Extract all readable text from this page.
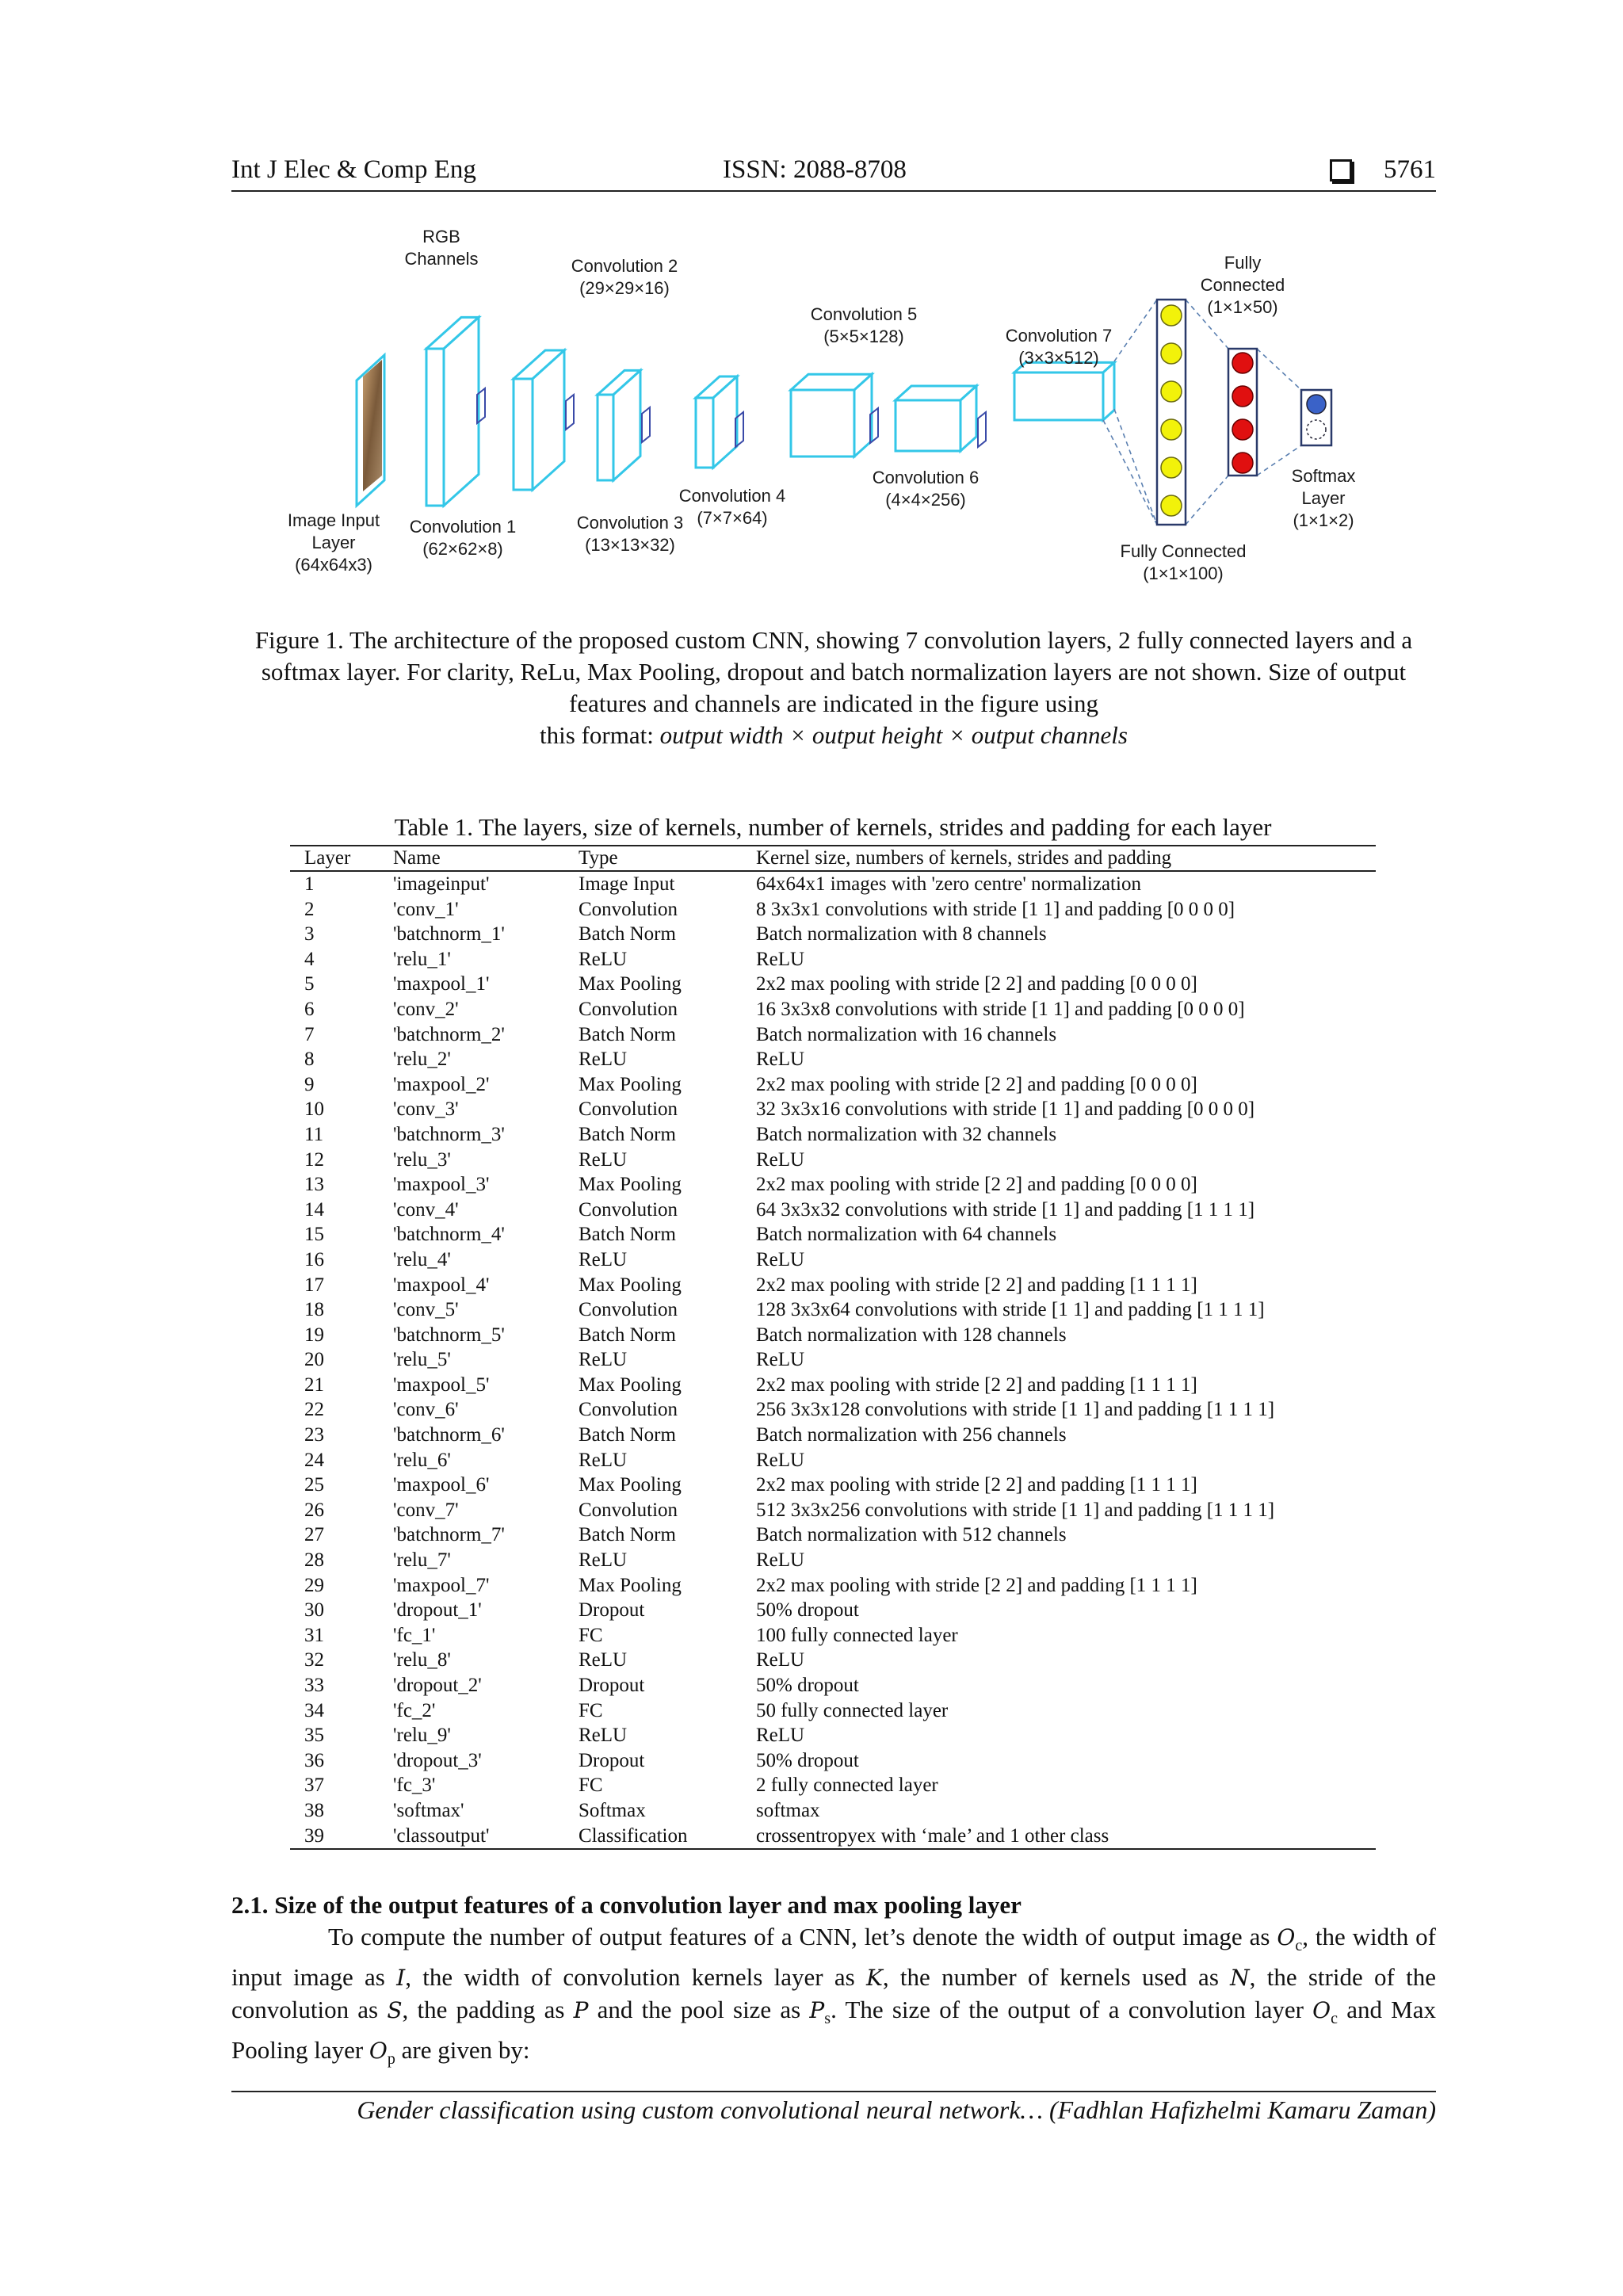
Int J Elec & Comp Eng	ISSN: 2088-8708	5761
RGB Channels
Image Input Layer (64x64x3)
Convolution 1 (62×62×8)
Convolution 2 (29×29×16)
Convolution 3 (13×13×32)
Convolution 4 (7×7×64)
Convolution 5 (5×5×128)
Convolution 6 (4×4×256)
Convolution 7 (3×3×512)
Fully Connected (1×1×100)
Fully Connected (1×1×50)
Softmax Layer (1×1×2)
Figure 1. The architecture of the proposed custom CNN, showing 7 convolution layers, 2 fully connected layers and a softmax layer. For clarity, ReLu, Max Pooling, dropout and batch normalization layers are not shown. Size of output features and channels are indicated in the figure using
this format: output width × output height × output channels
Table 1. The layers, size of kernels, number of kernels, strides and padding for each layer
Layer	Name	Type	Kernel size, numbers of kernels, strides and padding
1	'imageinput'	Image Input	64x64x1 images with 'zero centre' normalization
2	'conv_1'	Convolution	8 3x3x1 convolutions with stride [1 1] and padding [0 0 0 0]
3	'batchnorm_1'	Batch Norm	Batch normalization with 8 channels
4	'relu_1'	ReLU	ReLU
5	'maxpool_1'	Max Pooling	2x2 max pooling with stride [2 2] and padding [0 0 0 0]
6	'conv_2'	Convolution	16 3x3x8 convolutions with stride [1 1] and padding [0 0 0 0]
7	'batchnorm_2'	Batch Norm	Batch normalization with 16 channels
8	'relu_2'	ReLU	ReLU
9	'maxpool_2'	Max Pooling	2x2 max pooling with stride [2 2] and padding [0 0 0 0]
10	'conv_3'	Convolution	32 3x3x16 convolutions with stride [1 1] and padding [0 0 0 0]
11	'batchnorm_3'	Batch Norm	Batch normalization with 32 channels
12	'relu_3'	ReLU	ReLU
13	'maxpool_3'	Max Pooling	2x2 max pooling with stride [2 2] and padding [0 0 0 0]
14	'conv_4'	Convolution	64 3x3x32 convolutions with stride [1 1] and padding [1 1 1 1]
15	'batchnorm_4'	Batch Norm	Batch normalization with 64 channels
16	'relu_4'	ReLU	ReLU
17	'maxpool_4'	Max Pooling	2x2 max pooling with stride [2 2] and padding [1 1 1 1]
18	'conv_5'	Convolution	128 3x3x64 convolutions with stride [1 1] and padding [1 1 1 1]
19	'batchnorm_5'	Batch Norm	Batch normalization with 128 channels
20	'relu_5'	ReLU	ReLU
21	'maxpool_5'	Max Pooling	2x2 max pooling with stride [2 2] and padding [1 1 1 1]
22	'conv_6'	Convolution	256 3x3x128 convolutions with stride [1 1] and padding [1 1 1 1]
23	'batchnorm_6'	Batch Norm	Batch normalization with 256 channels
24	'relu_6'	ReLU	ReLU
25	'maxpool_6'	Max Pooling	2x2 max pooling with stride [2 2] and padding [1 1 1 1]
26	'conv_7'	Convolution	512 3x3x256 convolutions with stride [1 1] and padding [1 1 1 1]
27	'batchnorm_7'	Batch Norm	Batch normalization with 512 channels
28	'relu_7'	ReLU	ReLU
29	'maxpool_7'	Max Pooling	2x2 max pooling with stride [2 2] and padding [1 1 1 1]
30	'dropout_1'	Dropout	50% dropout
31	'fc_1'	FC	100 fully connected layer
32	'relu_8'	ReLU	ReLU
33	'dropout_2'	Dropout	50% dropout
34	'fc_2'	FC	50 fully connected layer
35	'relu_9'	ReLU	ReLU
36	'dropout_3'	Dropout	50% dropout
37	'fc_3'	FC	2 fully connected layer
38	'softmax'	Softmax	softmax
39	'classoutput'	Classification	crossentropyex with ‘male’ and 1 other class
2.1. Size of the output features of a convolution layer and max pooling layer

To compute the number of output features of a CNN, let’s denote the width of output image as $O_c$, the width of input image as I, the width of convolution kernels layer as K, the number of kernels used as N, the stride of the convolution as S, the padding as P and the pool size as $P_s$. The size of the output of a convolution layer $O_c$ and Max Pooling layer $O_p$ are given by:

Gender classification using custom convolutional neural network… (Fadhlan Hafizhelmi Kamaru Zaman)
